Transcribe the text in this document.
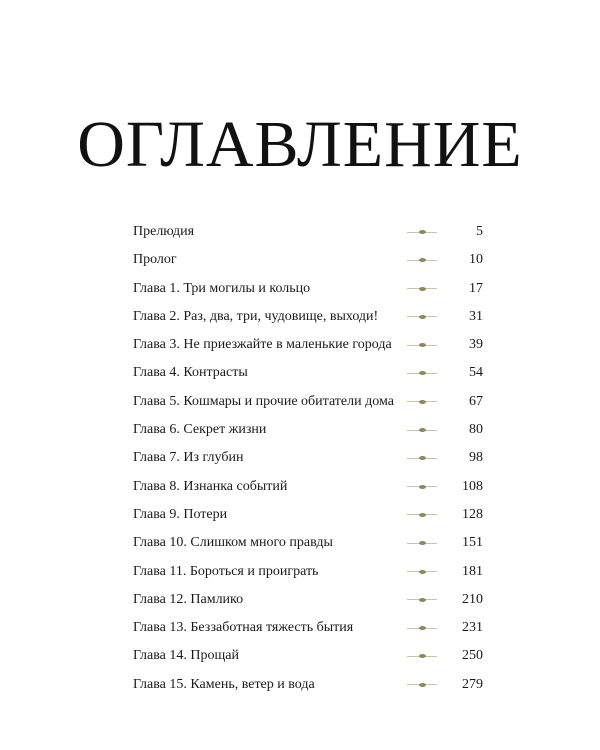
ОГЛАВЛЕНИЕ
Прелюдия	5
Пролог	10
Глава 1. Три могилы и кольцо	17
Глава 2. Раз, два, три, чудовище, выходи!	31
Глава 3. Не приезжайте в маленькие города	39
Глава 4. Контрасты	54
Глава 5. Кошмары и прочие обитатели дома	67
Глава 6. Секрет жизни	80
Глава 7. Из глубин	98
Глава 8. Изнанка событий	108
Глава 9. Потери	128
Глава 10. Слишком много правды	151
Глава 11. Бороться и проиграть	181
Глава 12. Памлико	210
Глава 13. Беззаботная тяжесть бытия	231
Глава 14. Прощай	250
Глава 15. Камень, ветер и вода	279
